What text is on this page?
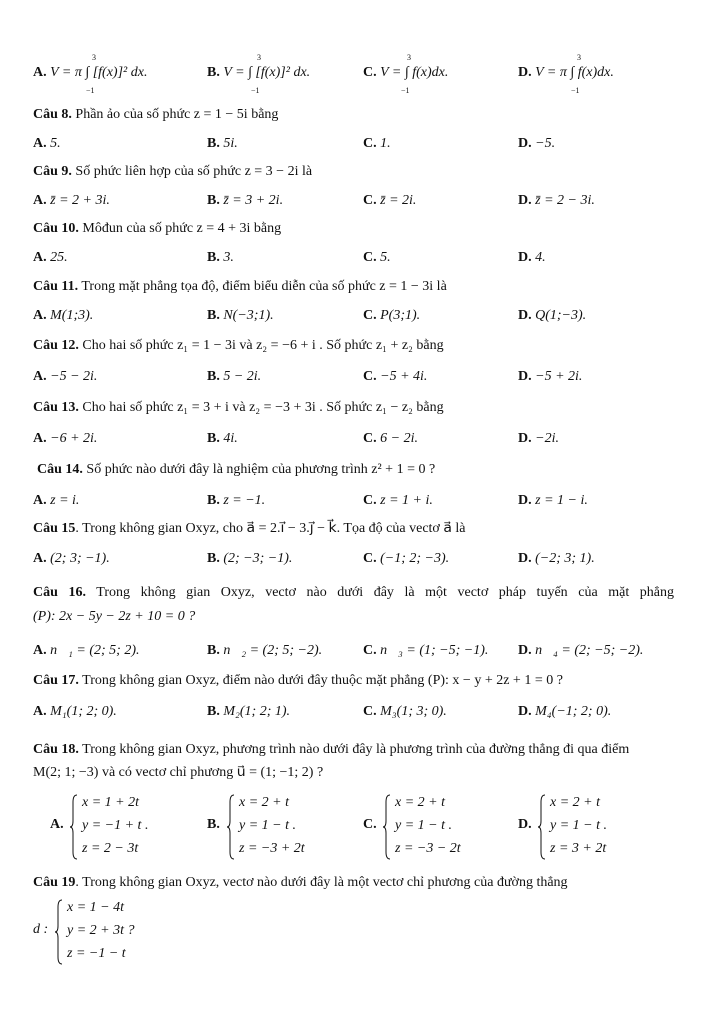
A. V = π ∫ [f(x)]² dx.	B. V = ∫ [f(x)]² dx.	C. V = ∫ f(x)dx.	D. V = π ∫ f(x)dx.
3
−1
3
−1
3
−1
3
−1
Câu 8. Phần ảo của số phức z = 1 − 5i bằng
A. 5.	B. 5i.	C. 1.	D. −5.
Câu 9. Số phức liên hợp của số phức z = 3 − 2i là
A. z̄ = 2 + 3i.	B. z̄ = 3 + 2i.	C. z̄ = 2i.	D. z̄ = 2 − 3i.
Câu 10. Môđun của số phức z = 4 + 3i bằng
A. 25.	B. 3.	C. 5.	D. 4.
Câu 11. Trong mặt phẳng tọa độ, điểm biểu diễn của số phức z = 1 − 3i là
A. M(1;3).	B. N(−3;1).	C. P(3;1).	D. Q(1;−3).
Câu 12. Cho hai số phức z₁ = 1 − 3i và z₂ = −6 + i . Số phức z₁ + z₂ bằng
A. −5 − 2i.	B. 5 − 2i.	C. −5 + 4i.	D. −5 + 2i.
Câu 13. Cho hai số phức z₁ = 3 + i và z₂ = −3 + 3i . Số phức z₁ − z₂ bằng
A. −6 + 2i.	B. 4i.	C. 6 − 2i.	D. −2i.
Câu 14. Số phức nào dưới đây là nghiệm của phương trình z² + 1 = 0 ?
A. z = i.	B. z = −1.	C. z = 1 + i.	D. z = 1 − i.
Câu 15. Trong không gian Oxyz, cho a⃗ = 2.i⃗ − 3.j⃗ − k⃗. Tọa độ của vectơ a⃗ là
A. (2; 3; −1).	B. (2; −3; −1).	C. (−1; 2; −3).	D. (−2; 3; 1).
Câu 16. Trong không gian Oxyz, vectơ nào dưới đây là một vectơ pháp tuyến của mặt phẳng
(P): 2x − 5y − 2z + 10 = 0 ?
A. n⃗₁ = (2; 5; 2).	B. n⃗₂ = (2; 5; −2).	C. n⃗₃ = (1; −5; −1). D. n⃗₄ = (2; −5; −2).
Câu 17. Trong không gian Oxyz, điểm nào dưới đây thuộc mặt phẳng (P): x − y + 2z + 1 = 0 ?
A. M₁(1; 2; 0).	B. M₂(1; 2; 1).	C. M₃(1; 3; 0).	D. M₄(−1; 2; 0).
Câu 18. Trong không gian Oxyz, phương trình nào dưới đây là phương trình của đường thẳng đi qua điểm
M(2; 1; −3) và có vectơ chỉ phương u⃗ = (1; −1; 2) ?
A.
x = 1 + 2t
y = −1 + t .
z = 2 − 3t
B.
x = 2 + t
y = 1 − t .
z = −3 + 2t
C.
x = 2 + t
y = 1 − t .
z = −3 − 2t
D.
x = 2 + t
y = 1 − t .
z = 3 + 2t
Câu 19. Trong không gian Oxyz, vectơ nào dưới đây là một vectơ chỉ phương của đường thẳng
d :
x = 1 − 4t
y = 2 + 3t ?
z = −1 − t
